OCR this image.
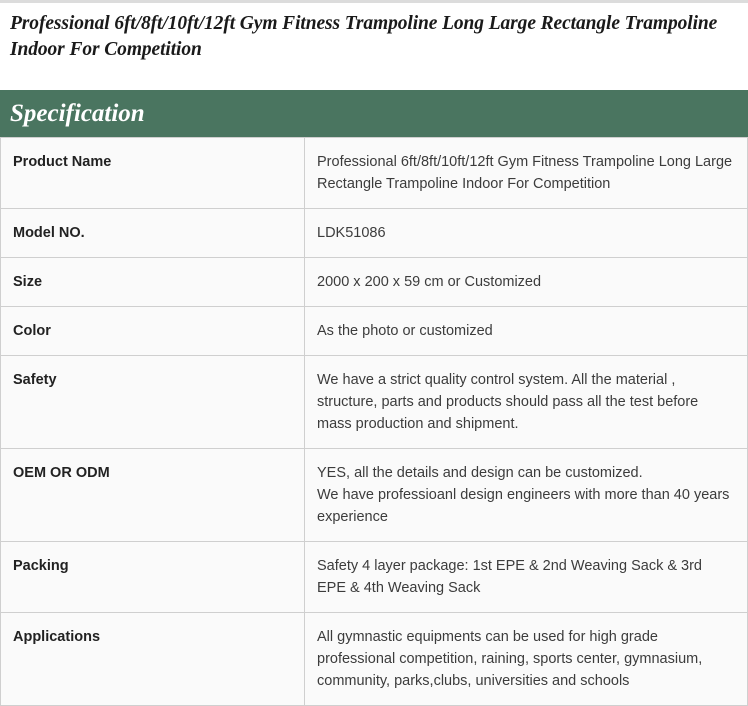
Professional 6ft/8ft/10ft/12ft Gym Fitness Trampoline Long Large Rectangle Trampoline Indoor For Competition
Specification
Product Name	Professional 6ft/8ft/10ft/12ft Gym Fitness Trampoline Long Large Rectangle Trampoline Indoor For Competition

Model NO.	LDK51086

Size	2000 x 200 x 59 cm or Customized

Color	As the photo or customized

Safety	We have a strict quality control system. All the material , structure, parts and products should pass all the test before mass production and shipment.

OEM OR ODM	YES, all the details and design can be customized.
We have professioanl design engineers with more than 40 years experience

Packing	Safety 4 layer package: 1st EPE & 2nd Weaving Sack & 3rd EPE & 4th Weaving Sack

Applications	All gymnastic equipments can be used for high grade professional competition, raining, sports center, gymnasium, community, parks,clubs, universities and schools
